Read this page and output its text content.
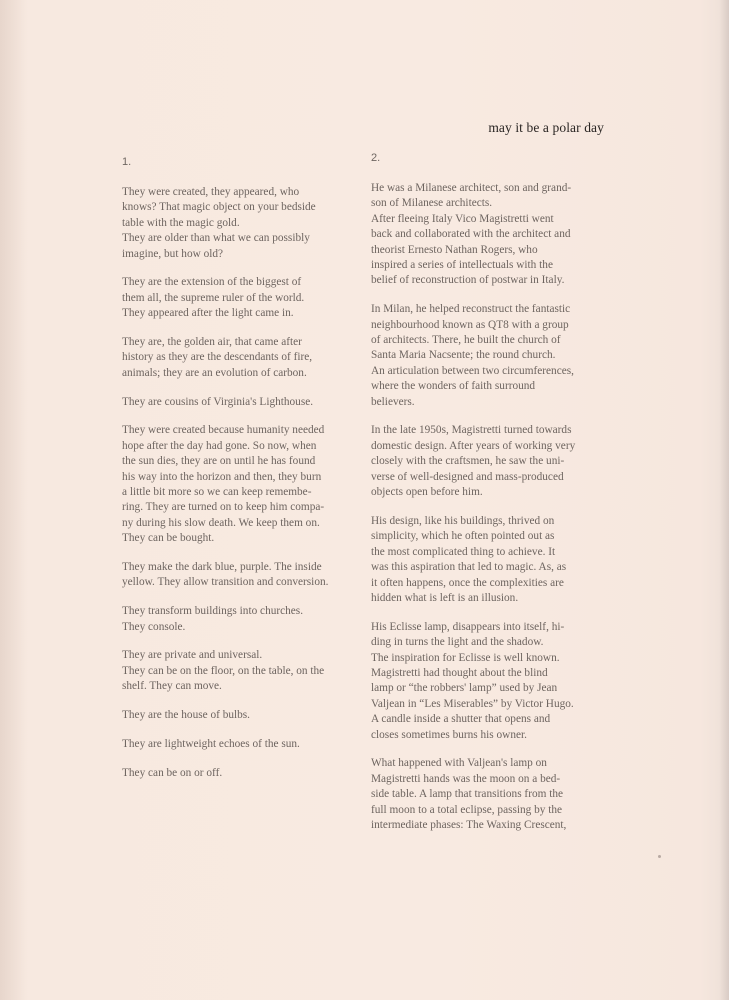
may it be a polar day
1.	2.

They were created, they appeared, who
knows? That magic object on your bedside
table with the magic gold.
They are older than what we can possibly
imagine, but how old?

They are the extension of the biggest of
them all, the supreme ruler of the world.
They appeared after the light came in.

They are, the golden air, that came after
history as they are the descendants of fire,
animals; they are an evolution of carbon.

They are cousins of Virginia's Lighthouse.

They were created because humanity needed
hope after the day had gone. So now, when
the sun dies, they are on until he has found
his way into the horizon and then, they burn
a little bit more so we can keep remembe-
ring. They are turned on to keep him compa-
ny during his slow death. We keep them on.
They can be bought.

They make the dark blue, purple. The inside
yellow. They allow transition and conversion.

They transform buildings into churches.
They console.

They are private and universal.
They can be on the floor, on the table, on the
shelf. They can move.

They are the house of bulbs.

They are lightweight echoes of the sun.

They can be on or off.

He was a Milanese architect, son and grand-
son of Milanese architects.
After fleeing Italy Vico Magistretti went
back and collaborated with the architect and
theorist Ernesto Nathan Rogers, who
inspired a series of intellectuals with the
belief of reconstruction of postwar in Italy.

In Milan, he helped reconstruct the fantastic
neighbourhood known as QT8 with a group
of architects. There, he built the church of
Santa Maria Nacsente; the round church.
An articulation between two circumferences,
where the wonders of faith surround
believers.

In the late 1950s, Magistretti turned towards
domestic design. After years of working very
closely with the craftsmen, he saw the uni-
verse of well-designed and mass-produced
objects open before him.

His design, like his buildings, thrived on
simplicity, which he often pointed out as
the most complicated thing to achieve. It
was this aspiration that led to magic. As, as
it often happens, once the complexities are
hidden what is left is an illusion.

His Eclisse lamp, disappears into itself, hi-
ding in turns the light and the shadow.
The inspiration for Eclisse is well known.
Magistretti had thought about the blind
lamp or “the robbers' lamp” used by Jean
Valjean in “Les Miserables” by Victor Hugo.
A candle inside a shutter that opens and
closes sometimes burns his owner.

What happened with Valjean's lamp on
Magistretti hands was the moon on a bed-
side table. A lamp that transitions from the
full moon to a total eclipse, passing by the
intermediate phases: The Waxing Crescent,
